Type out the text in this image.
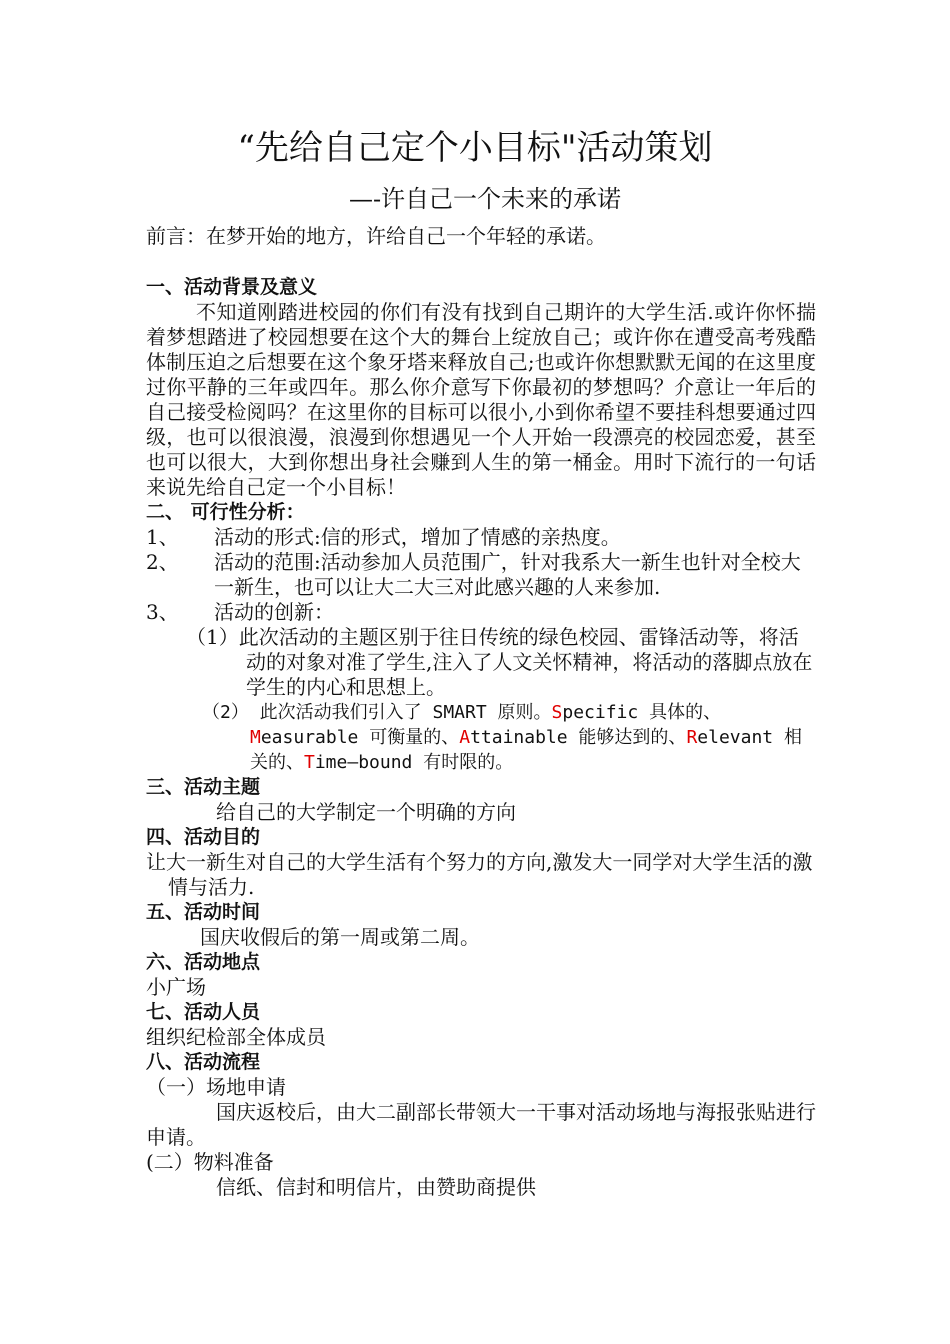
“先给自己定个小目标"活动策划
—-许自己一个未来的承诺

前言：在梦开始的地方，许给自己一个年轻的承诺。

一、活动背景及意义

不知道刚踏进校园的你们有没有找到自己期许的大学生活.或许你怀揣着梦想踏进了校园想要在这个大的舞台上绽放自己；或许你在遭受高考残酷体制压迫之后想要在这个象牙塔来释放自己;也或许你想默默无闻的在这里度过你平静的三年或四年。那么你介意写下你最初的梦想吗？介意让一年后的自己接受检阅吗？在这里你的目标可以很小,小到你希望不要挂科想要通过四级，也可以很浪漫，浪漫到你想遇见一个人开始一段漂亮的校园恋爱，甚至也可以很大，大到你想出身社会赚到人生的第一桶金。用时下流行的一句话来说先给自己定一个小目标！

二、 可行性分析：

1、 活动的形式:信的形式，增加了情感的亲热度。
2、 活动的范围:活动参加人员范围广，针对我系大一新生也针对全校大一新生，也可以让大二大三对此感兴趣的人来参加.
3、 活动的创新：
（1）此次活动的主题区别于往日传统的绿色校园、雷锋活动等，将活动的对象对准了学生,注入了人文关怀精神，将活动的落脚点放在学生的内心和思想上。
（2） 此次活动我们引入了 SMART 原则。Specific 具体的、Measurable 可衡量的、Attainable 能够达到的、Relevant 相关的、Time—bound 有时限的。

三、活动主题

给自己的大学制定一个明确的方向

四、活动目的

让大一新生对自己的大学生活有个努力的方向,激发大一同学对大学生活的激情与活力.

五、活动时间

国庆收假后的第一周或第二周。

六、活动地点

小广场

七、活动人员

组织纪检部全体成员

八、活动流程

（一）场地申请

国庆返校后，由大二副部长带领大一干事对活动场地与海报张贴进行申请。

(二）物料准备

信纸、信封和明信片，由赞助商提供
